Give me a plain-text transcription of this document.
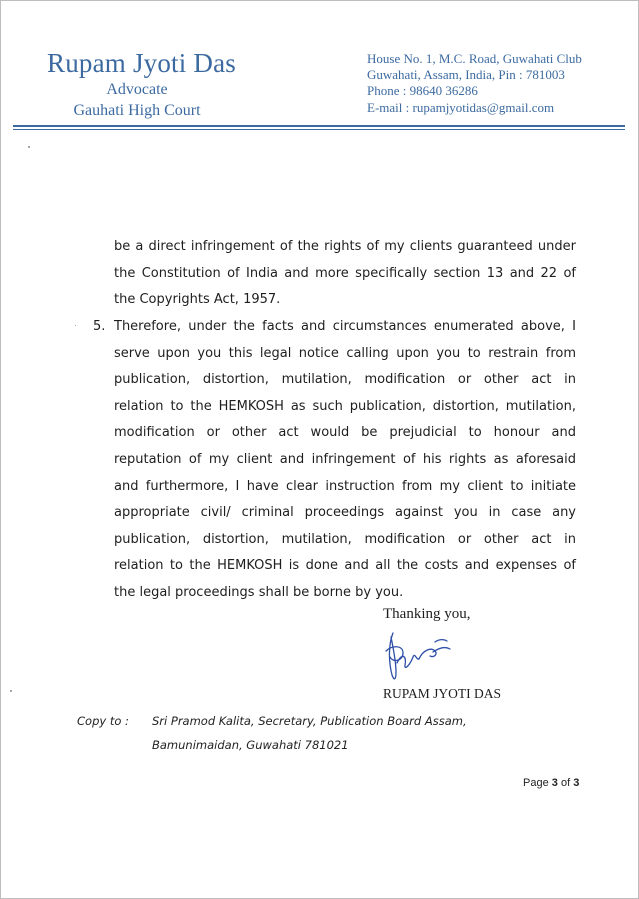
Rupam Jyoti Das
Advocate
Gauhati High Court
House No. 1, M.C. Road, Guwahati Club
Guwahati, Assam, India, Pin : 781003
Phone : 98640 36286
E-mail : rupamjyotidas@gmail.com
be a direct infringement of the rights of my clients guaranteed under
the Constitution of India and more specifically section 13 and 22 of
the Copyrights Act, 1957.
5. Therefore, under the facts and circumstances enumerated above, I
serve upon you this legal notice calling upon you to restrain from
publication, distortion, mutilation, modification or other act in
relation to the HEMKOSH as such publication, distortion, mutilation,
modification or other act would be prejudicial to honour and
reputation of my client and infringement of his rights as aforesaid
and furthermore, I have clear instruction from my client to initiate
appropriate civil/ criminal proceedings against you in case any
publication, distortion, mutilation, modification or other act in
relation to the HEMKOSH is done and all the costs and expenses of
the legal proceedings shall be borne by you.
Thanking you,
RUPAM JYOTI DAS
Copy to : Sri Pramod Kalita, Secretary, Publication Board Assam,
Bamunimaidan, Guwahati 781021
Page 3 of 3
